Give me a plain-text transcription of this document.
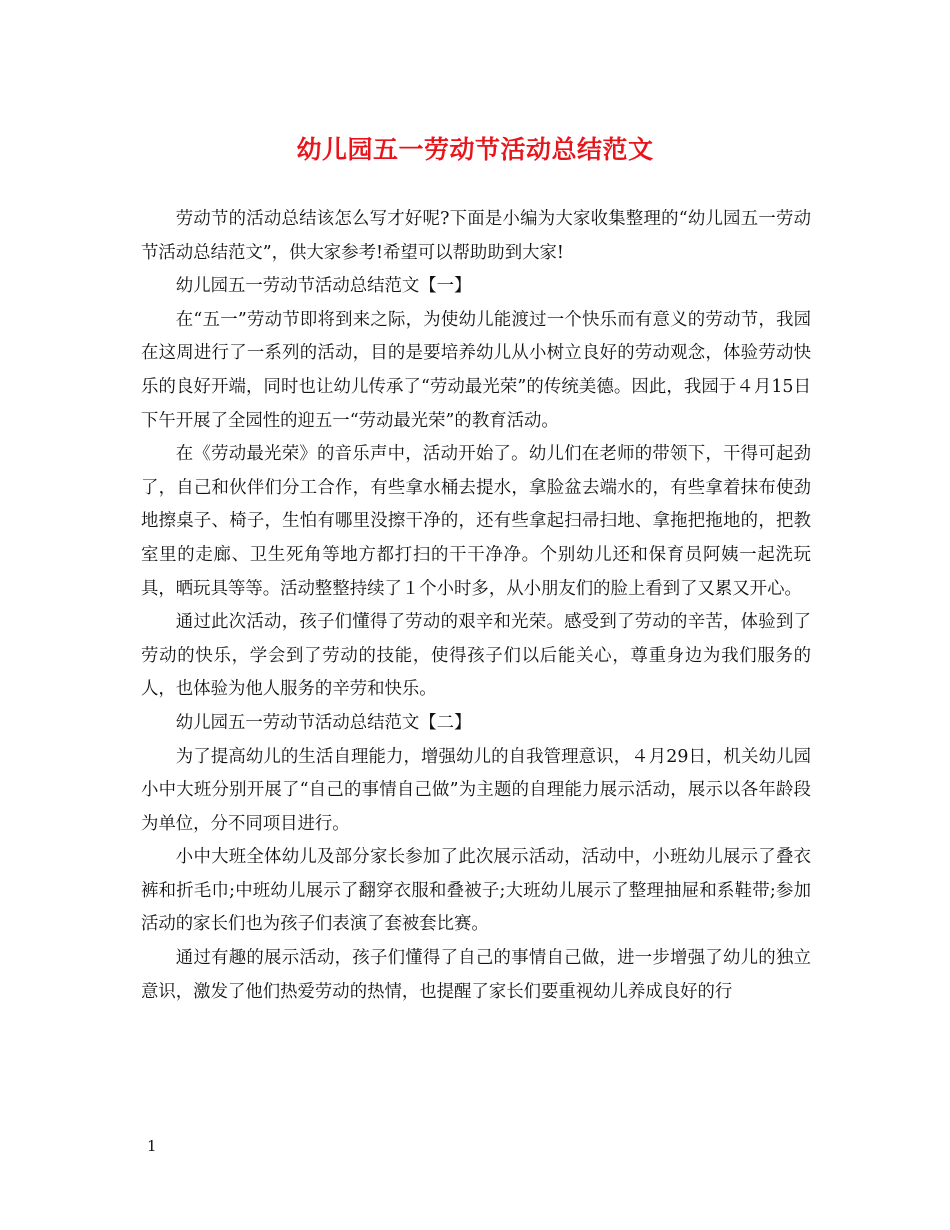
幼儿园五一劳动节活动总结范文

劳动节的活动总结该怎么写才好呢?下面是小编为大家收集整理的“幼儿园五一劳动节活动总结范文”，供大家参考!希望可以帮助助到大家!

幼儿园五一劳动节活动总结范文【一】

在“五一”劳动节即将到来之际，为使幼儿能渡过一个快乐而有意义的劳动节，我园在这周进行了一系列的活动，目的是要培养幼儿从小树立良好的劳动观念，体验劳动快乐的良好开端，同时也让幼儿传承了“劳动最光荣”的传统美德。因此，我园于４月15日下午开展了全园性的迎五一“劳动最光荣”的教育活动。

在《劳动最光荣》的音乐声中，活动开始了。幼儿们在老师的带领下，干得可起劲了，自己和伙伴们分工合作，有些拿水桶去提水，拿脸盆去端水的，有些拿着抹布使劲地擦桌子、椅子，生怕有哪里没擦干净的，还有些拿起扫帚扫地、拿拖把拖地的，把教室里的走廊、卫生死角等地方都打扫的干干净净。个别幼儿还和保育员阿姨一起洗玩具，晒玩具等等。活动整整持续了１个小时多，从小朋友们的脸上看到了又累又开心。

通过此次活动，孩子们懂得了劳动的艰辛和光荣。感受到了劳动的辛苦，体验到了劳动的快乐，学会到了劳动的技能，使得孩子们以后能关心，尊重身边为我们服务的人，也体验为他人服务的辛劳和快乐。

幼儿园五一劳动节活动总结范文【二】

为了提高幼儿的生活自理能力，增强幼儿的自我管理意识，４月29日，机关幼儿园小中大班分别开展了“自己的事情自己做”为主题的自理能力展示活动，展示以各年龄段为单位，分不同项目进行。

小中大班全体幼儿及部分家长参加了此次展示活动，活动中，小班幼儿展示了叠衣裤和折毛巾;中班幼儿展示了翻穿衣服和叠被子;大班幼儿展示了整理抽屉和系鞋带;参加活动的家长们也为孩子们表演了套被套比赛。

通过有趣的展示活动，孩子们懂得了自己的事情自己做，进一步增强了幼儿的独立意识，激发了他们热爱劳动的热情，也提醒了家长们要重视幼儿养成良好的行

1
